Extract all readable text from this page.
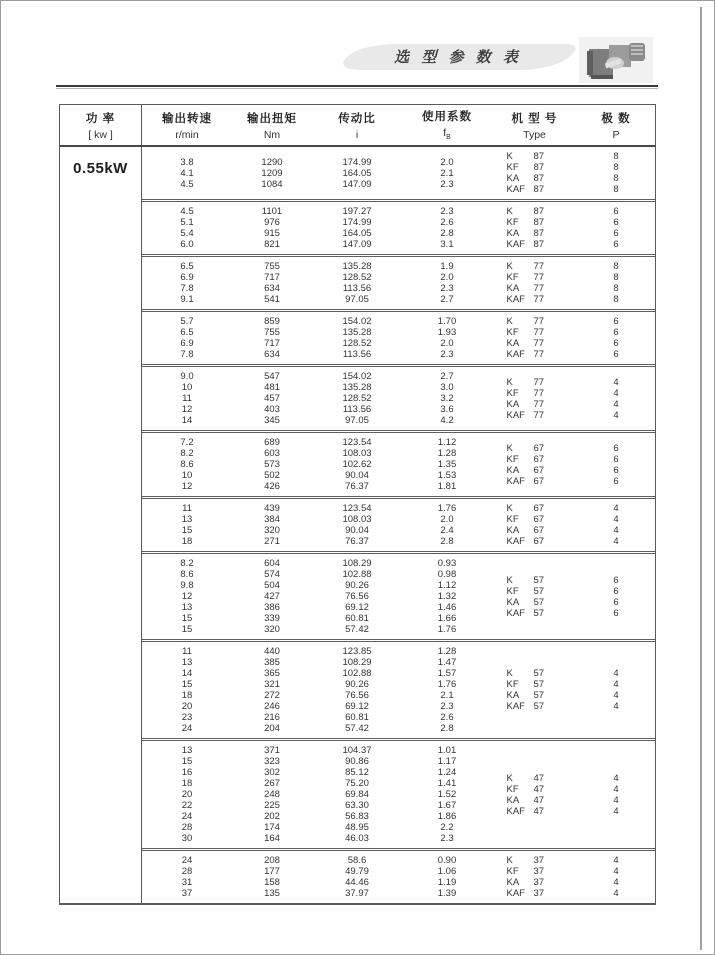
选 型 参 数 表
功 率
[ kw ]
输出转速
r/min
输出扭矩
Nm
传动比
i
使用系数
$f_B$
机 型 号
Type
极 数
P
0.55kW	3.8
4.1
4.5
1290
1209
1084
174.99
164.05
147.09
2.0
2.1
2.3
K 87
KF 87
KA 87
KAF 87
8
8
8
8
4.5
5.1
5.4
6.0
1101
976
915
821
197.27
174.99
164.05
147.09
2.3
2.6
2.8
3.1
K 87
KF 87
KA 87
KAF 87
6
6
6
6
6.5
6.9
7.8
9.1
755
717
634
541
135.28
128.52
113.56
97.05
1.9
2.0
2.3
2.7
K 77
KF 77
KA 77
KAF 77
8
8
8
8
5.7
6.5
6.9
7.8
859
755
717
634
154.02
135.28
128.52
113.56
1.70
1.93
2.0
2.3
K 77
KF 77
KA 77
KAF 77
6
6
6
6
9.0
10
11
12
14
547
481
457
403
345
154.02
135.28
128.52
113.56
97.05
2.7
3.0
3.2
3.6
4.2
K 77
KF 77
KA 77
KAF 77
4
4
4
4
7.2
8.2
8.6
10
12
689
603
573
502
426
123.54
108.03
102.62
90.04
76.37
1.12
1.28
1.35
1.53
1.81
K 67
KF 67
KA 67
KAF 67
6
6
6
6
11
13
15
18
439
384
320
271
123.54
108.03
90.04
76.37
1.76
2.0
2.4
2.8
K 67
KF 67
KA 67
KAF 67
4
4
4
4
8.2
8.6
9.8
12
13
15
15
604
574
504
427
386
339
320
108.29
102.88
90.26
76.56
69.12
60.81
57.42
0.93
0.98
1.12
1.32
1.46
1.66
1.76
K 57
KF 57
KA 57
KAF 57
6
6
6
6
11
13
14
15
18
20
23
24
440
385
365
321
272
246
216
204
123.85
108.29
102.88
90.26
76.56
69.12
60.81
57.42
1.28
1.47
1.57
1.76
2.1
2.3
2.6
2.8
K 57
KF 57
KA 57
KAF 57
4
4
4
4
13
15
16
18
20
22
24
28
30
371
323
302
267
248
225
202
174
164
104.37
90.86
85.12
75.20
69.84
63.30
56.83
48.95
46.03
1.01
1.17
1.24
1.41
1.52
1.67
1.86
2.2
2.3
K 47
KF 47
KA 47
KAF 47
4
4
4
4
24
28
31
37
208
177
158
135
58.6
49.79
44.46
37.97
0.90
1.06
1.19
1.39
K 37
KF 37
KA 37
KAF 37
4
4
4
4
